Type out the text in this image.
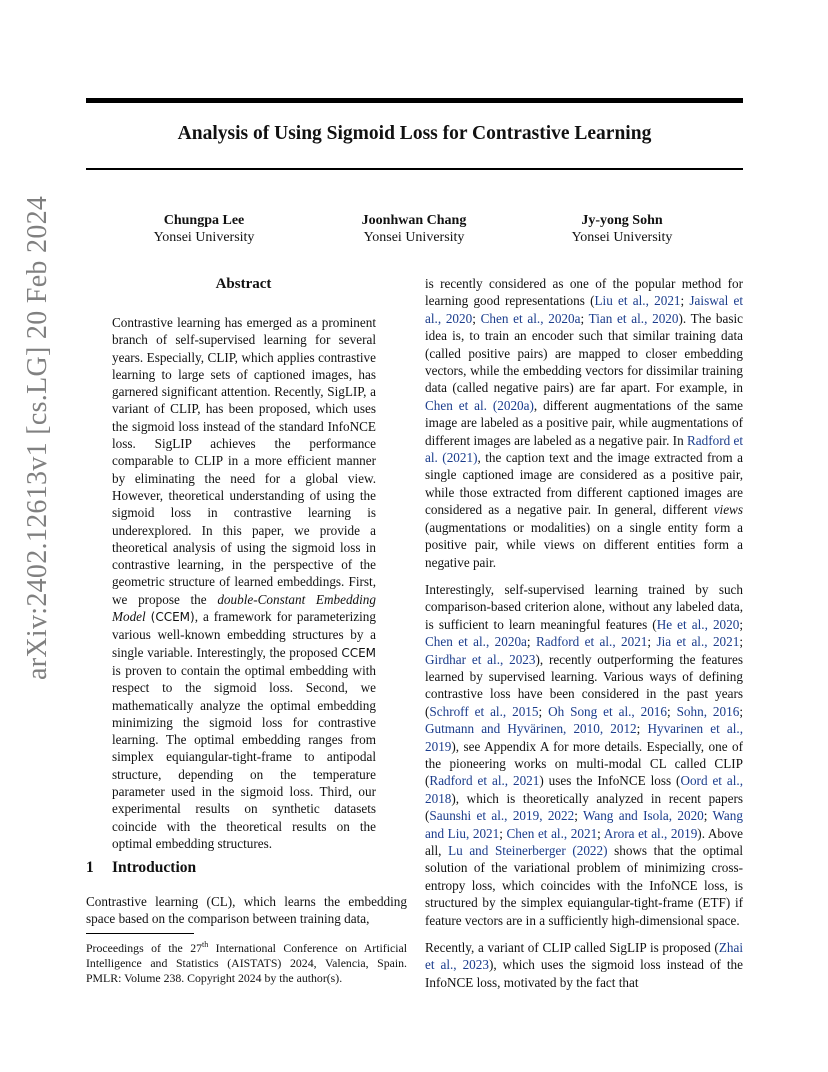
arXiv:2402.12613v1 [cs.LG] 20 Feb 2024
Analysis of Using Sigmoid Loss for Contrastive Learning
Chungpa Lee
Yonsei University
Joonhwan Chang
Yonsei University
Jy-yong Sohn
Yonsei University
Abstract

Contrastive learning has emerged as a prominent branch of self-supervised learning for several years. Especially, CLIP, which applies contrastive learning to large sets of captioned images, has garnered significant attention. Recently, SigLIP, a variant of CLIP, has been proposed, which uses the sigmoid loss instead of the standard InfoNCE loss. SigLIP achieves the performance comparable to CLIP in a more efficient manner by eliminating the need for a global view. However, theoretical understanding of using the sigmoid loss in contrastive learning is underexplored. In this paper, we provide a theoretical analysis of using the sigmoid loss in contrastive learning, in the perspective of the geometric structure of learned embeddings. First, we propose the double-Constant Embedding Model (CCEM), a framework for parameterizing various well-known embedding structures by a single variable. Interestingly, the proposed CCEM is proven to contain the optimal embedding with respect to the sigmoid loss. Second, we mathematically analyze the optimal embedding minimizing the sigmoid loss for contrastive learning. The optimal embedding ranges from simplex equiangular-tight-frame to antipodal structure, depending on the temperature parameter used in the sigmoid loss. Third, our experimental results on synthetic datasets coincide with the theoretical results on the optimal embedding structures.

1 Introduction

Contrastive learning (CL), which learns the embedding space based on the comparison between training data,

Proceedings of the 27th International Conference on Artificial Intelligence and Statistics (AISTATS) 2024, Valencia, Spain. PMLR: Volume 238. Copyright 2024 by the author(s).

is recently considered as one of the popular method for learning good representations (Liu et al., 2021; Jaiswal et al., 2020; Chen et al., 2020a; Tian et al., 2020). The basic idea is, to train an encoder such that similar training data (called positive pairs) are mapped to closer embedding vectors, while the embedding vectors for dissimilar training data (called negative pairs) are far apart. For example, in Chen et al. (2020a), different augmentations of the same image are labeled as a positive pair, while augmentations of different images are labeled as a negative pair. In Radford et al. (2021), the caption text and the image extracted from a single captioned image are considered as a positive pair, while those extracted from different captioned images are considered as a negative pair. In general, different views (augmentations or modalities) on a single entity form a positive pair, while views on different entities form a negative pair.

Interestingly, self-supervised learning trained by such comparison-based criterion alone, without any labeled data, is sufficient to learn meaningful features (He et al., 2020; Chen et al., 2020a; Radford et al., 2021; Jia et al., 2021; Girdhar et al., 2023), recently outperforming the features learned by supervised learning. Various ways of defining contrastive loss have been considered in the past years (Schroff et al., 2015; Oh Song et al., 2016; Sohn, 2016; Gutmann and Hyvärinen, 2010, 2012; Hyvarinen et al., 2019), see Appendix A for more details. Especially, one of the pioneering works on multi-modal CL called CLIP (Radford et al., 2021) uses the InfoNCE loss (Oord et al., 2018), which is theoretically analyzed in recent papers (Saunshi et al., 2019, 2022; Wang and Isola, 2020; Wang and Liu, 2021; Chen et al., 2021; Arora et al., 2019). Above all, Lu and Steinerberger (2022) shows that the optimal solution of the variational problem of minimizing cross-entropy loss, which coincides with the InfoNCE loss, is structured by the simplex equiangular-tight-frame (ETF) if feature vectors are in a sufficiently high-dimensional space.

Recently, a variant of CLIP called SigLIP is proposed (Zhai et al., 2023), which uses the sigmoid loss instead of the InfoNCE loss, motivated by the fact that
